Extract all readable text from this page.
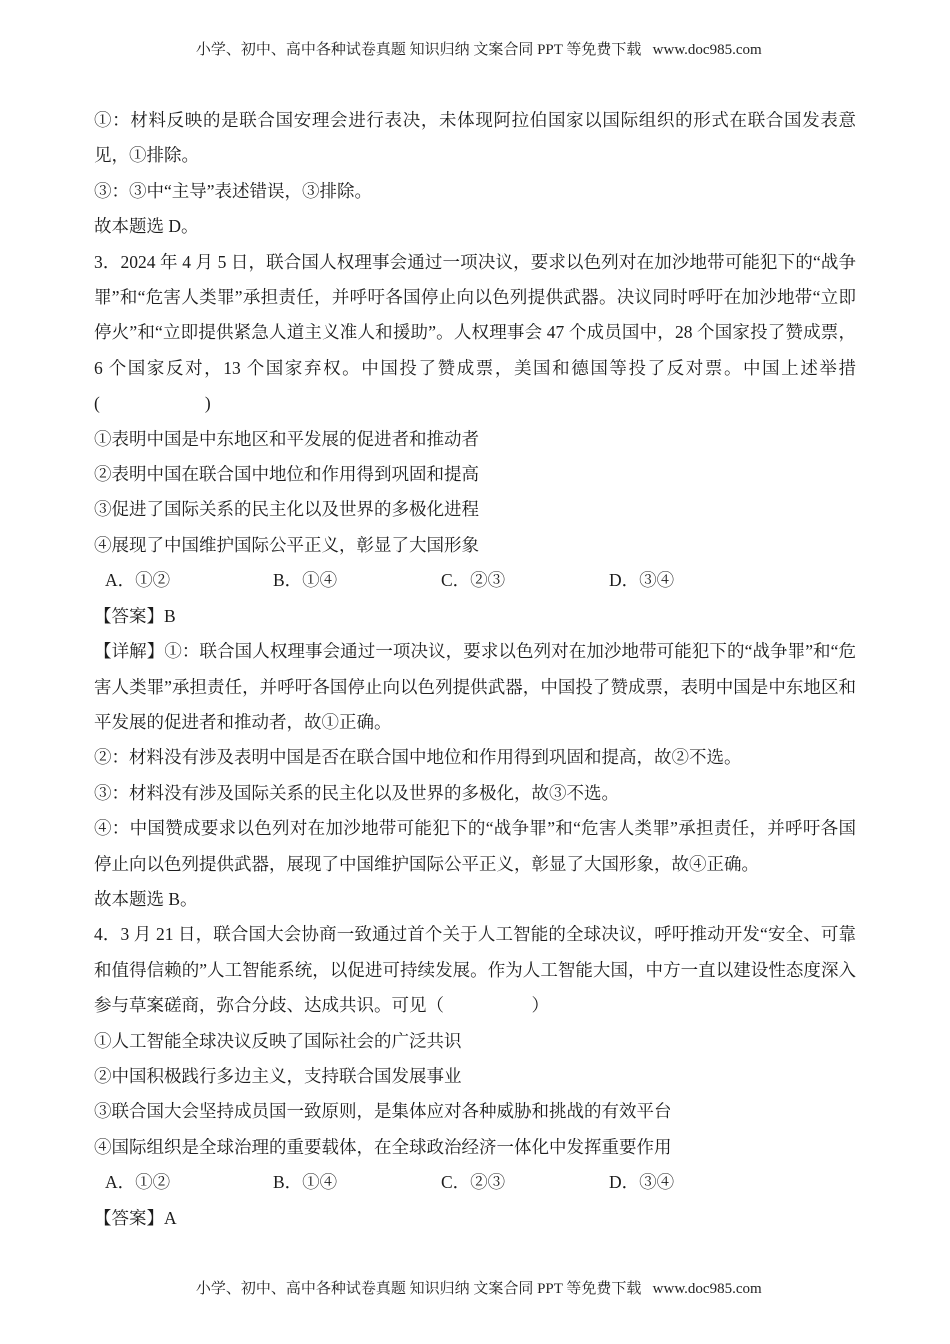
小学、初中、高中各种试卷真题 知识归纳 文案合同 PPT 等免费下载   www.doc985.com

①：材料反映的是联合国安理会进行表决，未体现阿拉伯国家以国际组织的形式在联合国发表意见，①排除。

③：③中“主导”表述错误，③排除。

故本题选 D。

3．2024 年 4 月 5 日，联合国人权理事会通过一项决议，要求以色列对在加沙地带可能犯下的“战争罪”和“危害人类罪”承担责任，并呼吁各国停止向以色列提供武器。决议同时呼吁在加沙地带“立即停火”和“立即提供紧急人道主义准人和援助”。人权理事会 47 个成员国中，28 个国家投了赞成票，6 个国家反对，13 个国家弃权。中国投了赞成票，美国和德国等投了反对票。中国上述举措(　　　　　　)

①表明中国是中东地区和平发展的促进者和推动者

②表明中国在联合国中地位和作用得到巩固和提高

③促进了国际关系的民主化以及世界的多极化进程

④展现了中国维护国际公平正义，彰显了大国形象

A．①②	B．①④	C．②③	D．③④

【答案】B

【详解】①：联合国人权理事会通过一项决议，要求以色列对在加沙地带可能犯下的“战争罪”和“危害人类罪”承担责任，并呼吁各国停止向以色列提供武器，中国投了赞成票，表明中国是中东地区和平发展的促进者和推动者，故①正确。

②：材料没有涉及表明中国是否在联合国中地位和作用得到巩固和提高，故②不选。

③：材料没有涉及国际关系的民主化以及世界的多极化，故③不选。

④：中国赞成要求以色列对在加沙地带可能犯下的“战争罪”和“危害人类罪”承担责任，并呼吁各国停止向以色列提供武器，展现了中国维护国际公平正义，彰显了大国形象，故④正确。

故本题选 B。

4．3 月 21 日，联合国大会协商一致通过首个关于人工智能的全球决议，呼吁推动开发“安全、可靠和值得信赖的”人工智能系统，以促进可持续发展。作为人工智能大国，中方一直以建设性态度深入参与草案磋商，弥合分歧、达成共识。可见（　　　　　）

①人工智能全球决议反映了国际社会的广泛共识

②中国积极践行多边主义，支持联合国发展事业

③联合国大会坚持成员国一致原则，是集体应对各种威胁和挑战的有效平台

④国际组织是全球治理的重要载体，在全球政治经济一体化中发挥重要作用

A．①②	B．①④	C．②③	D．③④

【答案】A

小学、初中、高中各种试卷真题 知识归纳 文案合同 PPT 等免费下载   www.doc985.com
